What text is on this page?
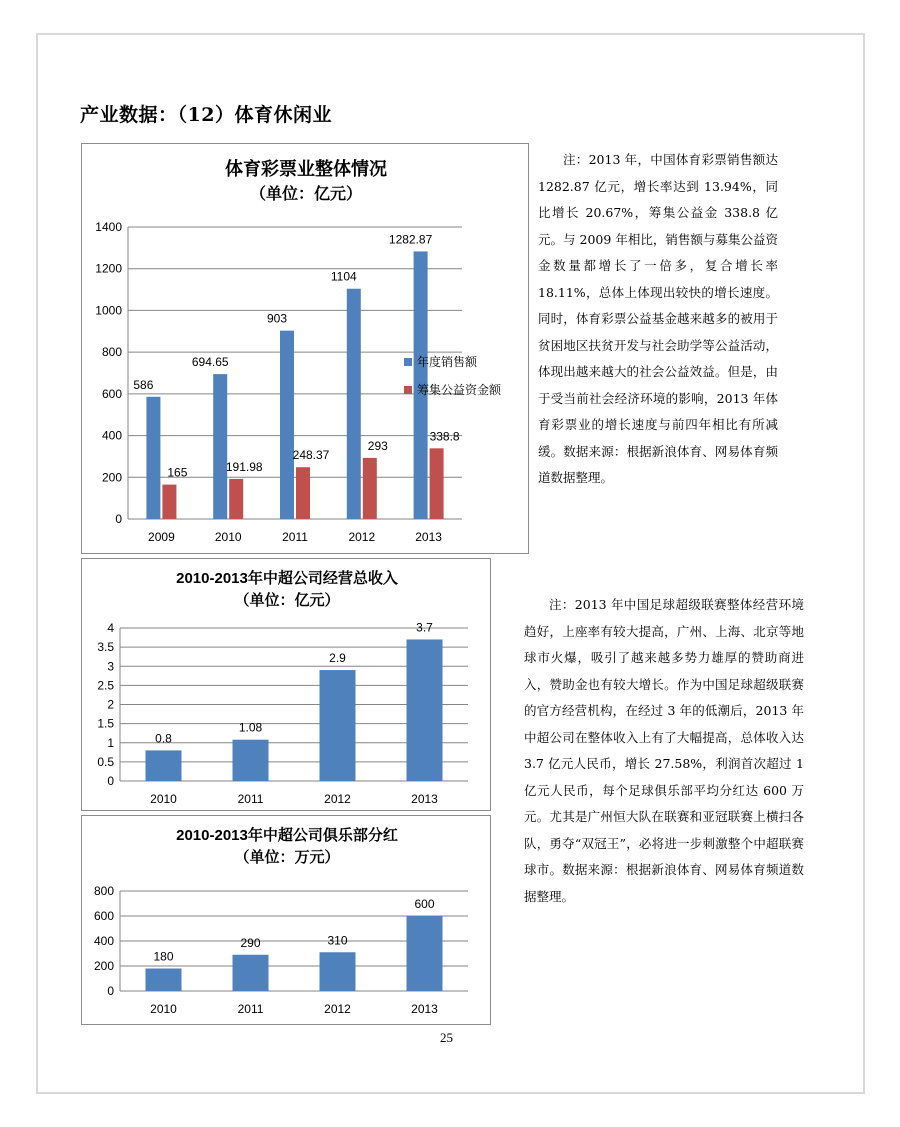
产业数据：（12）体育休闲业
体育彩票业整体情况
（单位：亿元）
0
200
400
600
800
1000
1200
1400
2009
586
165
2010
694.65
191.98
2011
903
248.37
2012
1104
293
2013
1282.87
338.8
年度销售额
筹集公益资金额
2010-2013年中超公司经营总收入
（单位：亿元）
0
0.5
1
1.5
2
2.5
3
3.5
4
2010
0.8
2011
1.08
2012
2.9
2013
3.7
2010-2013年中超公司俱乐部分红
（单位：万元）
0
200
400
600
800
2010
180
2011
290
2012
310
2013
600

注：2013 年，中国体育彩票销售额达 1282.87 亿元，增长率达到 13.94%，同比增长 20.67%，筹集公益金 338.8 亿元。与 2009 年相比，销售额与募集公益资金数量都增长了一倍多，复合增长率 18.11%，总体上体现出较快的增长速度。同时，体育彩票公益基金越来越多的被用于贫困地区扶贫开发与社会助学等公益活动，体现出越来越大的社会公益效益。但是，由于受当前社会经济环境的影响，2013 年体育彩票业的增长速度与前四年相比有所减缓。数据来源：根据新浪体育、网易体育频道数据整理。

注：2013 年中国足球超级联赛整体经营环境趋好，上座率有较大提高，广州、上海、北京等地球市火爆，吸引了越来越多势力雄厚的赞助商进入，赞助金也有较大增长。作为中国足球超级联赛的官方经营机构，在经过 3 年的低潮后，2013 年中超公司在整体收入上有了大幅提高，总体收入达 3.7 亿元人民币，增长 27.58%，利润首次超过 1 亿元人民币，每个足球俱乐部平均分红达 600 万元。尤其是广州恒大队在联赛和亚冠联赛上横扫各队，勇夺“双冠王”，必将进一步刺激整个中超联赛球市。数据来源：根据新浪体育、网易体育频道数据整理。

25
